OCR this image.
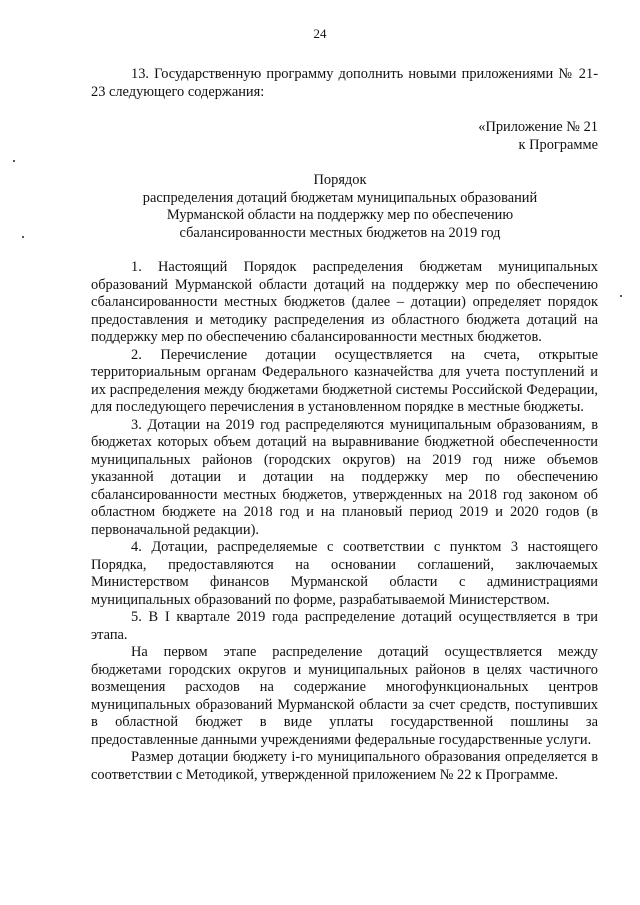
24

13. Государственную программу дополнить новыми приложениями № 21-23 следующего содержания:

«Приложение № 21
к Программе
Порядок
распределения дотаций бюджетам муниципальных образований
Мурманской области на поддержку мер по обеспечению
сбалансированности местных бюджетов на 2019 год

1. Настоящий Порядок распределения бюджетам муниципальных образований Мурманской области дотаций на поддержку мер по обеспечению сбалансированности местных бюджетов (далее – дотации) определяет порядок предоставления и методику распределения из областного бюджета дотаций на поддержку мер по обеспечению сбалансированности местных бюджетов.

2. Перечисление дотации осуществляется на счета, открытые территориальным органам Федерального казначейства для учета поступлений и их распределения между бюджетами бюджетной системы Российской Федерации, для последующего перечисления в установленном порядке в местные бюджеты.

3. Дотации на 2019 год распределяются муниципальным образованиям, в бюджетах которых объем дотаций на выравнивание бюджетной обеспеченности муниципальных районов (городских округов) на 2019 год ниже объемов указанной дотации и дотации на поддержку мер по обеспечению сбалансированности местных бюджетов, утвержденных на 2018 год законом об областном бюджете на 2018 год и на плановый период 2019 и 2020 годов (в первоначальной редакции).

4. Дотации, распределяемые с соответствии с пунктом 3 настоящего Порядка, предоставляются на основании соглашений, заключаемых Министерством финансов Мурманской области с администрациями муниципальных образований по форме, разрабатываемой Министерством.

5. В I квартале 2019 года распределение дотаций осуществляется в три этапа.

На первом этапе распределение дотаций осуществляется между бюджетами городских округов и муниципальных районов в целях частичного возмещения расходов на содержание многофункциональных центров муниципальных образований Мурманской области за счет средств, поступивших в областной бюджет в виде уплаты государственной пошлины за предоставленные данными учреждениями федеральные государственные услуги.

Размер дотации бюджету i-го муниципального образования определяется в соответствии с Методикой, утвержденной приложением № 22 к Программе.
